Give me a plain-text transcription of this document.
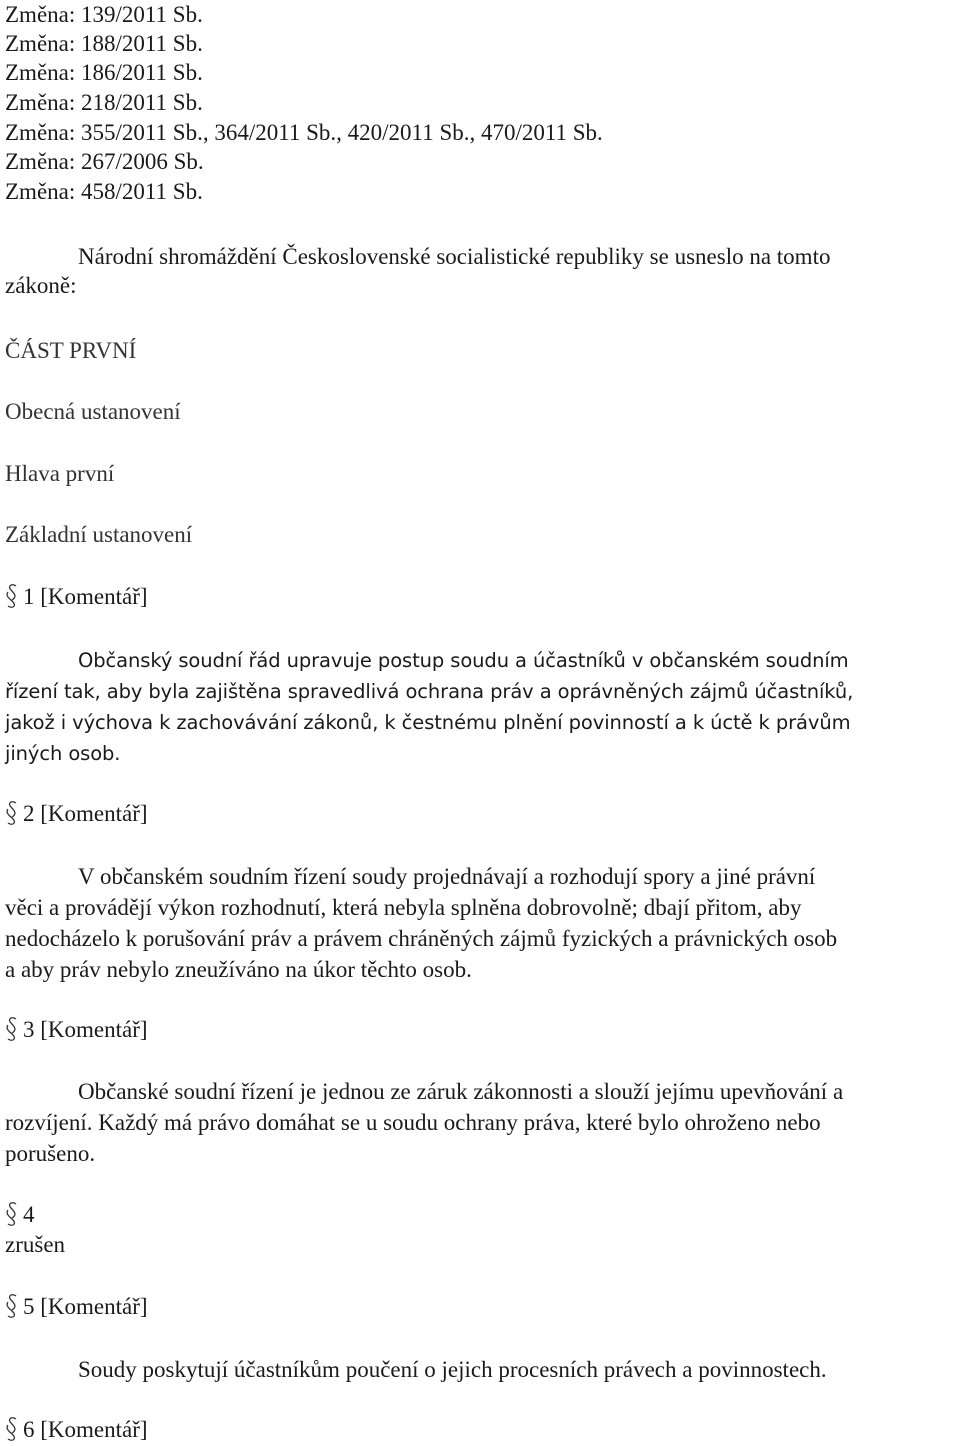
Změna: 139/2011 Sb.
Změna: 188/2011 Sb.
Změna: 186/2011 Sb.
Změna: 218/2011 Sb.
Změna: 355/2011 Sb., 364/2011 Sb., 420/2011 Sb., 470/2011 Sb.
Změna: 267/2006 Sb.
Změna: 458/2011 Sb.
Národní shromáždění Československé socialistické republiky se usneslo na tomto
zákoně:
ČÁST PRVNÍ
Obecná ustanovení
Hlava první
Základní ustanovení
1 [Komentář]
Občanský soudní řád upravuje postup soudu a účastníků v občanském soudním
řízení tak, aby byla zajištěna spravedlivá ochrana práv a oprávněných zájmů účastníků,
jakož i výchova k zachovávání zákonů, k čestnému plnění povinností a k úctě k právům
jiných osob.
2 [Komentář]
V občanském soudním řízení soudy projednávají a rozhodují spory a jiné právní
věci a provádějí výkon rozhodnutí, která nebyla splněna dobrovolně; dbají přitom, aby
nedocházelo k porušování práv a právem chráněných zájmů fyzických a právnických osob
a aby práv nebylo zneužíváno na úkor těchto osob.
3 [Komentář]
Občanské soudní řízení je jednou ze záruk zákonnosti a slouží jejímu upevňování a
rozvíjení. Každý má právo domáhat se u soudu ochrany práva, které bylo ohroženo nebo
porušeno.
4
zrušen
5 [Komentář]
Soudy poskytují účastníkům poučení o jejich procesních právech a povinnostech.
6 [Komentář]
